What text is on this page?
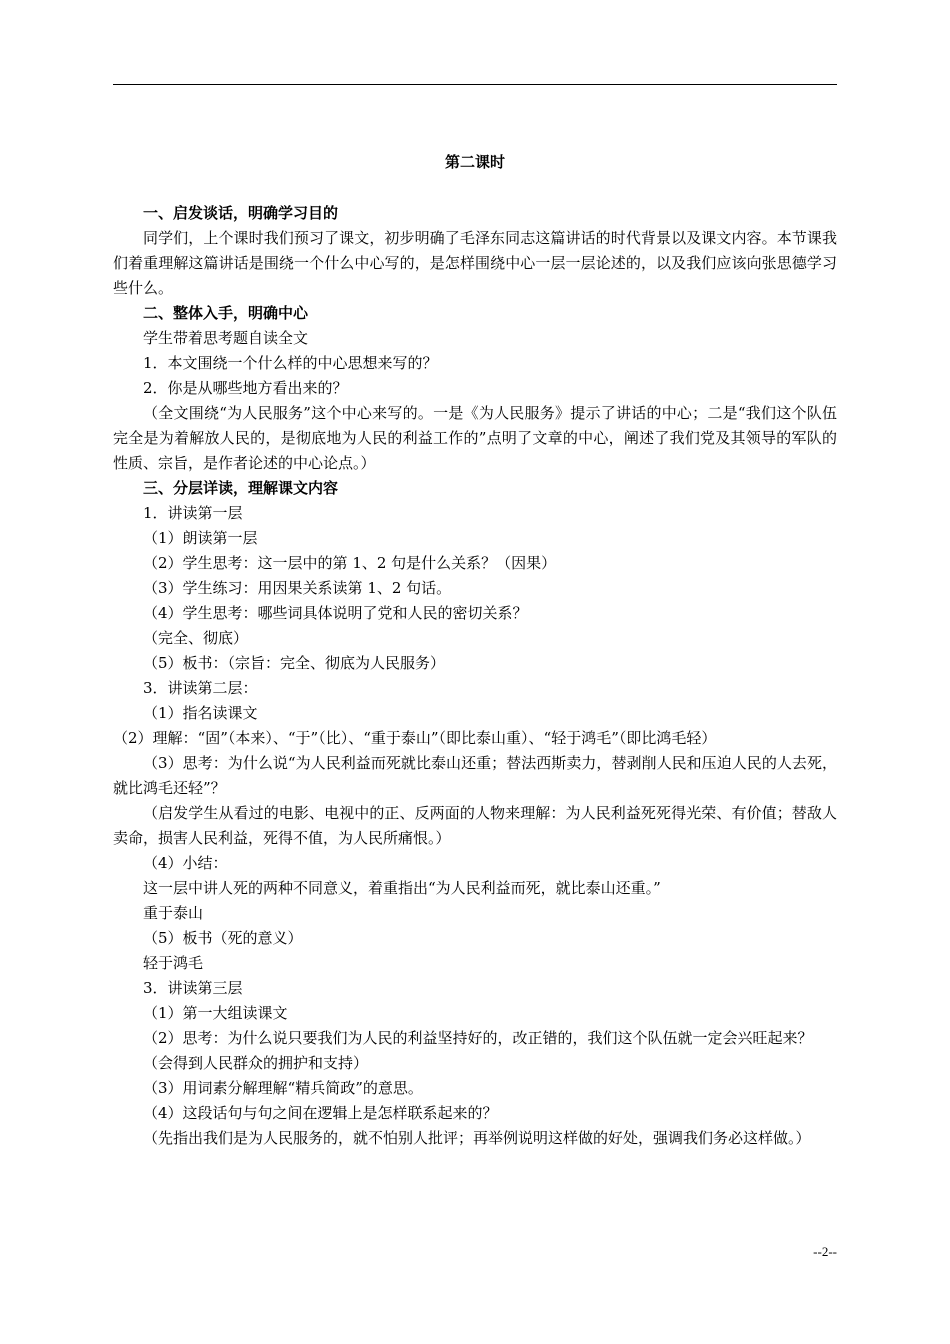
第二课时

一、启发谈话，明确学习目的

同学们，上个课时我们预习了课文，初步明确了毛泽东同志这篇讲话的时代背景以及课文内容。本节课我们着重理解这篇讲话是围绕一个什么中心写的，是怎样围绕中心一层一层论述的，以及我们应该向张思德学习些什么。

二、整体入手，明确中心

学生带着思考题自读全文

1．本文围绕一个什么样的中心思想来写的？

2．你是从哪些地方看出来的？

（全文围绕“为人民服务”这个中心来写的。一是《为人民服务》提示了讲话的中心；二是“我们这个队伍完全是为着解放人民的，是彻底地为人民的利益工作的”点明了文章的中心，阐述了我们党及其领导的军队的性质、宗旨，是作者论述的中心论点。）

三、分层详读，理解课文内容

1．讲读第一层

（1）朗读第一层

（2）学生思考：这一层中的第 1、2 句是什么关系？（因果）

（3）学生练习：用因果关系读第 1、2 句话。

（4）学生思考：哪些词具体说明了党和人民的密切关系？

（完全、彻底）

（5）板书：（宗旨：完全、彻底为人民服务）

3．讲读第二层：

（1）指名读课文

（2）理解：“固”（本来）、“于”（比）、“重于泰山”（即比泰山重）、“轻于鸿毛”（即比鸿毛轻）

（3）思考：为什么说“为人民利益而死就比泰山还重；替法西斯卖力，替剥削人民和压迫人民的人去死，就比鸿毛还轻”？

（启发学生从看过的电影、电视中的正、反两面的人物来理解：为人民利益死死得光荣、有价值；替敌人卖命，损害人民利益，死得不值，为人民所痛恨。）

（4）小结：

这一层中讲人死的两种不同意义，着重指出“为人民利益而死，就比泰山还重。”

重于泰山

（5）板书（死的意义）

轻于鸿毛

3．讲读第三层

（1）第一大组读课文

（2）思考：为什么说只要我们为人民的利益坚持好的，改正错的，我们这个队伍就一定会兴旺起来？

（会得到人民群众的拥护和支持）

（3）用词素分解理解“精兵简政”的意思。

（4）这段话句与句之间在逻辑上是怎样联系起来的？

（先指出我们是为人民服务的，就不怕别人批评；再举例说明这样做的好处，强调我们务必这样做。）

--2--
